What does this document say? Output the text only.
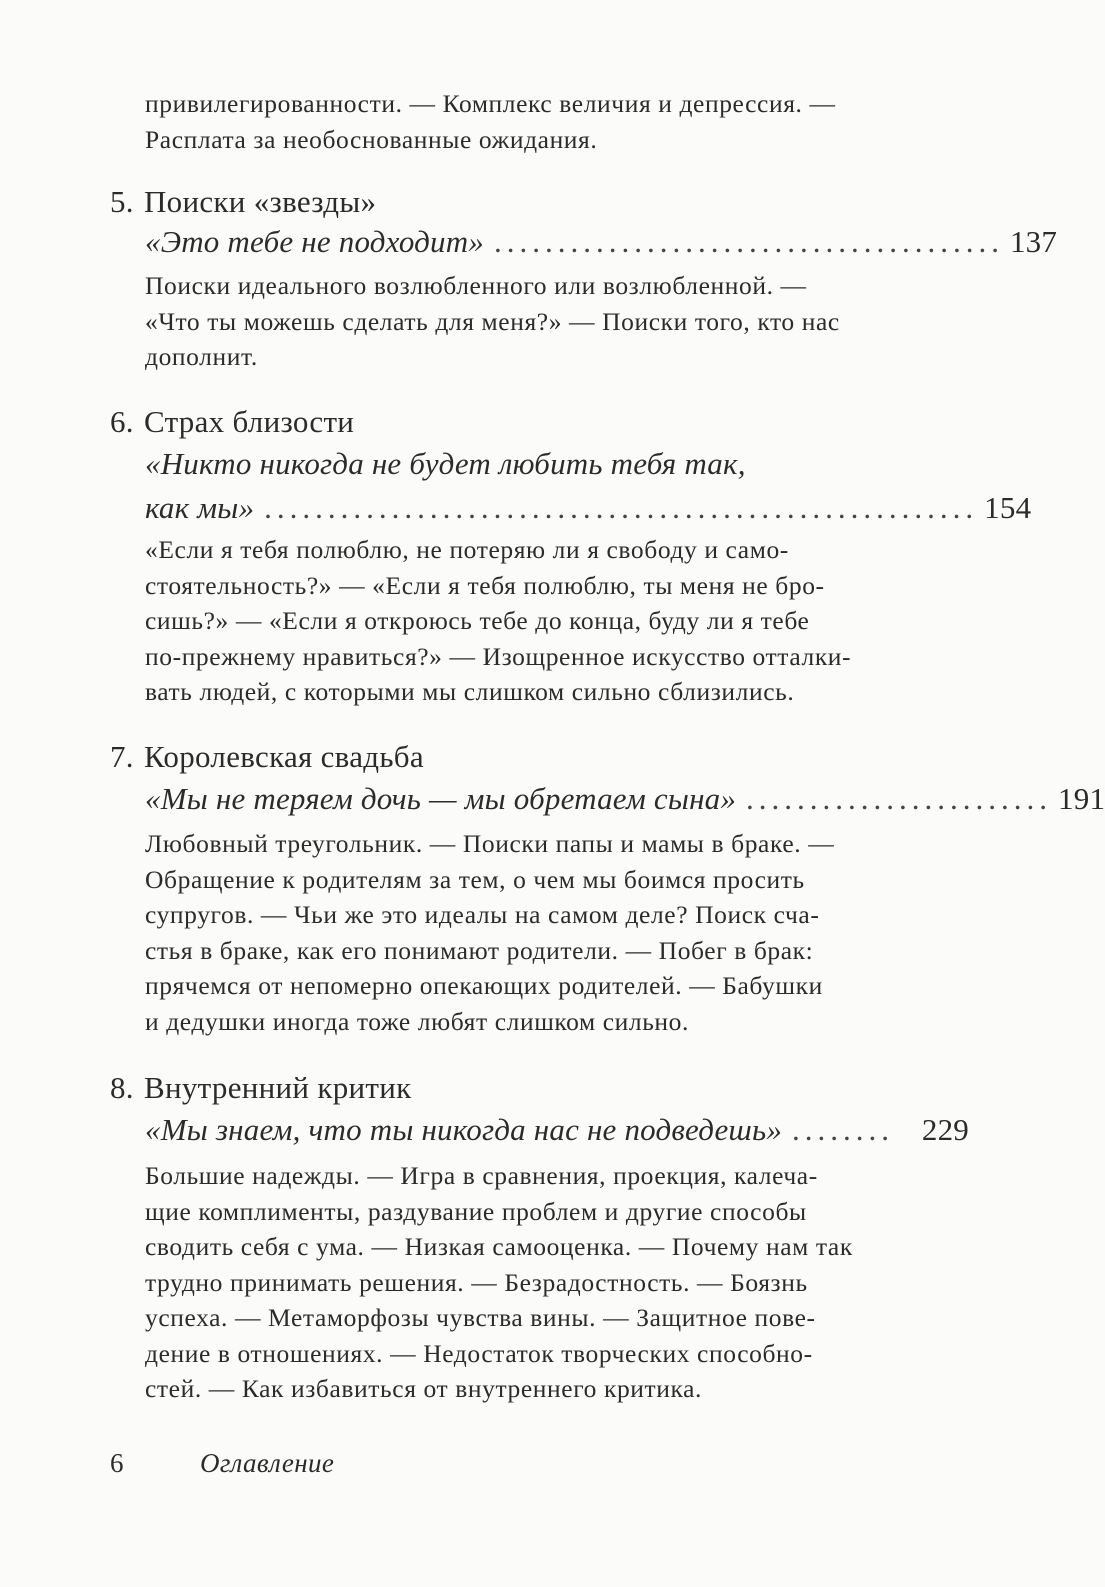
привилегированности. — Комплекс величия и депрессия. —
Расплата за необоснованные ожидания.
5. Поиски «звезды»
«Это тебе не подходит» ........................................ 137
Поиски идеального возлюбленного или возлюбленной. —
«Что ты можешь сделать для меня?» — Поиски того, кто нас
дополнит.
6. Страх близости
«Никто никогда не будет любить тебя так,
как мы» ........................................................ 154
«Если я тебя полюблю, не потеряю ли я свободу и само-
стоятельность?» — «Если я тебя полюблю, ты меня не бро-
сишь?» — «Если я откроюсь тебе до конца, буду ли я тебе
по-прежнему нравиться?» — Изощренное искусство отталки-
вать людей, с которыми мы слишком сильно сблизились.
7. Королевская свадьба
«Мы не теряем дочь — мы обретаем сына» ........................ 191
Любовный треугольник. — Поиски папы и мамы в браке. —
Обращение к родителям за тем, о чем мы боимся просить
супругов. — Чьи же это идеалы на самом деле? Поиск сча-
стья в браке, как его понимают родители. — Побег в брак:
прячемся от непомерно опекающих родителей. — Бабушки
и дедушки иногда тоже любят слишком сильно.
8. Внутренний критик
«Мы знаем, что ты никогда нас не подведешь» ........ 229
Большие надежды. — Игра в сравнения, проекция, калеча-
щие комплименты, раздувание проблем и другие способы
сводить себя с ума. — Низкая самооценка. — Почему нам так
трудно принимать решения. — Безрадостность. — Боязнь
успеха. — Метаморфозы чувства вины. — Защитное пове-
дение в отношениях. — Недостаток творческих способно-
стей. — Как избавиться от внутреннего критика.
6	Оглавление
